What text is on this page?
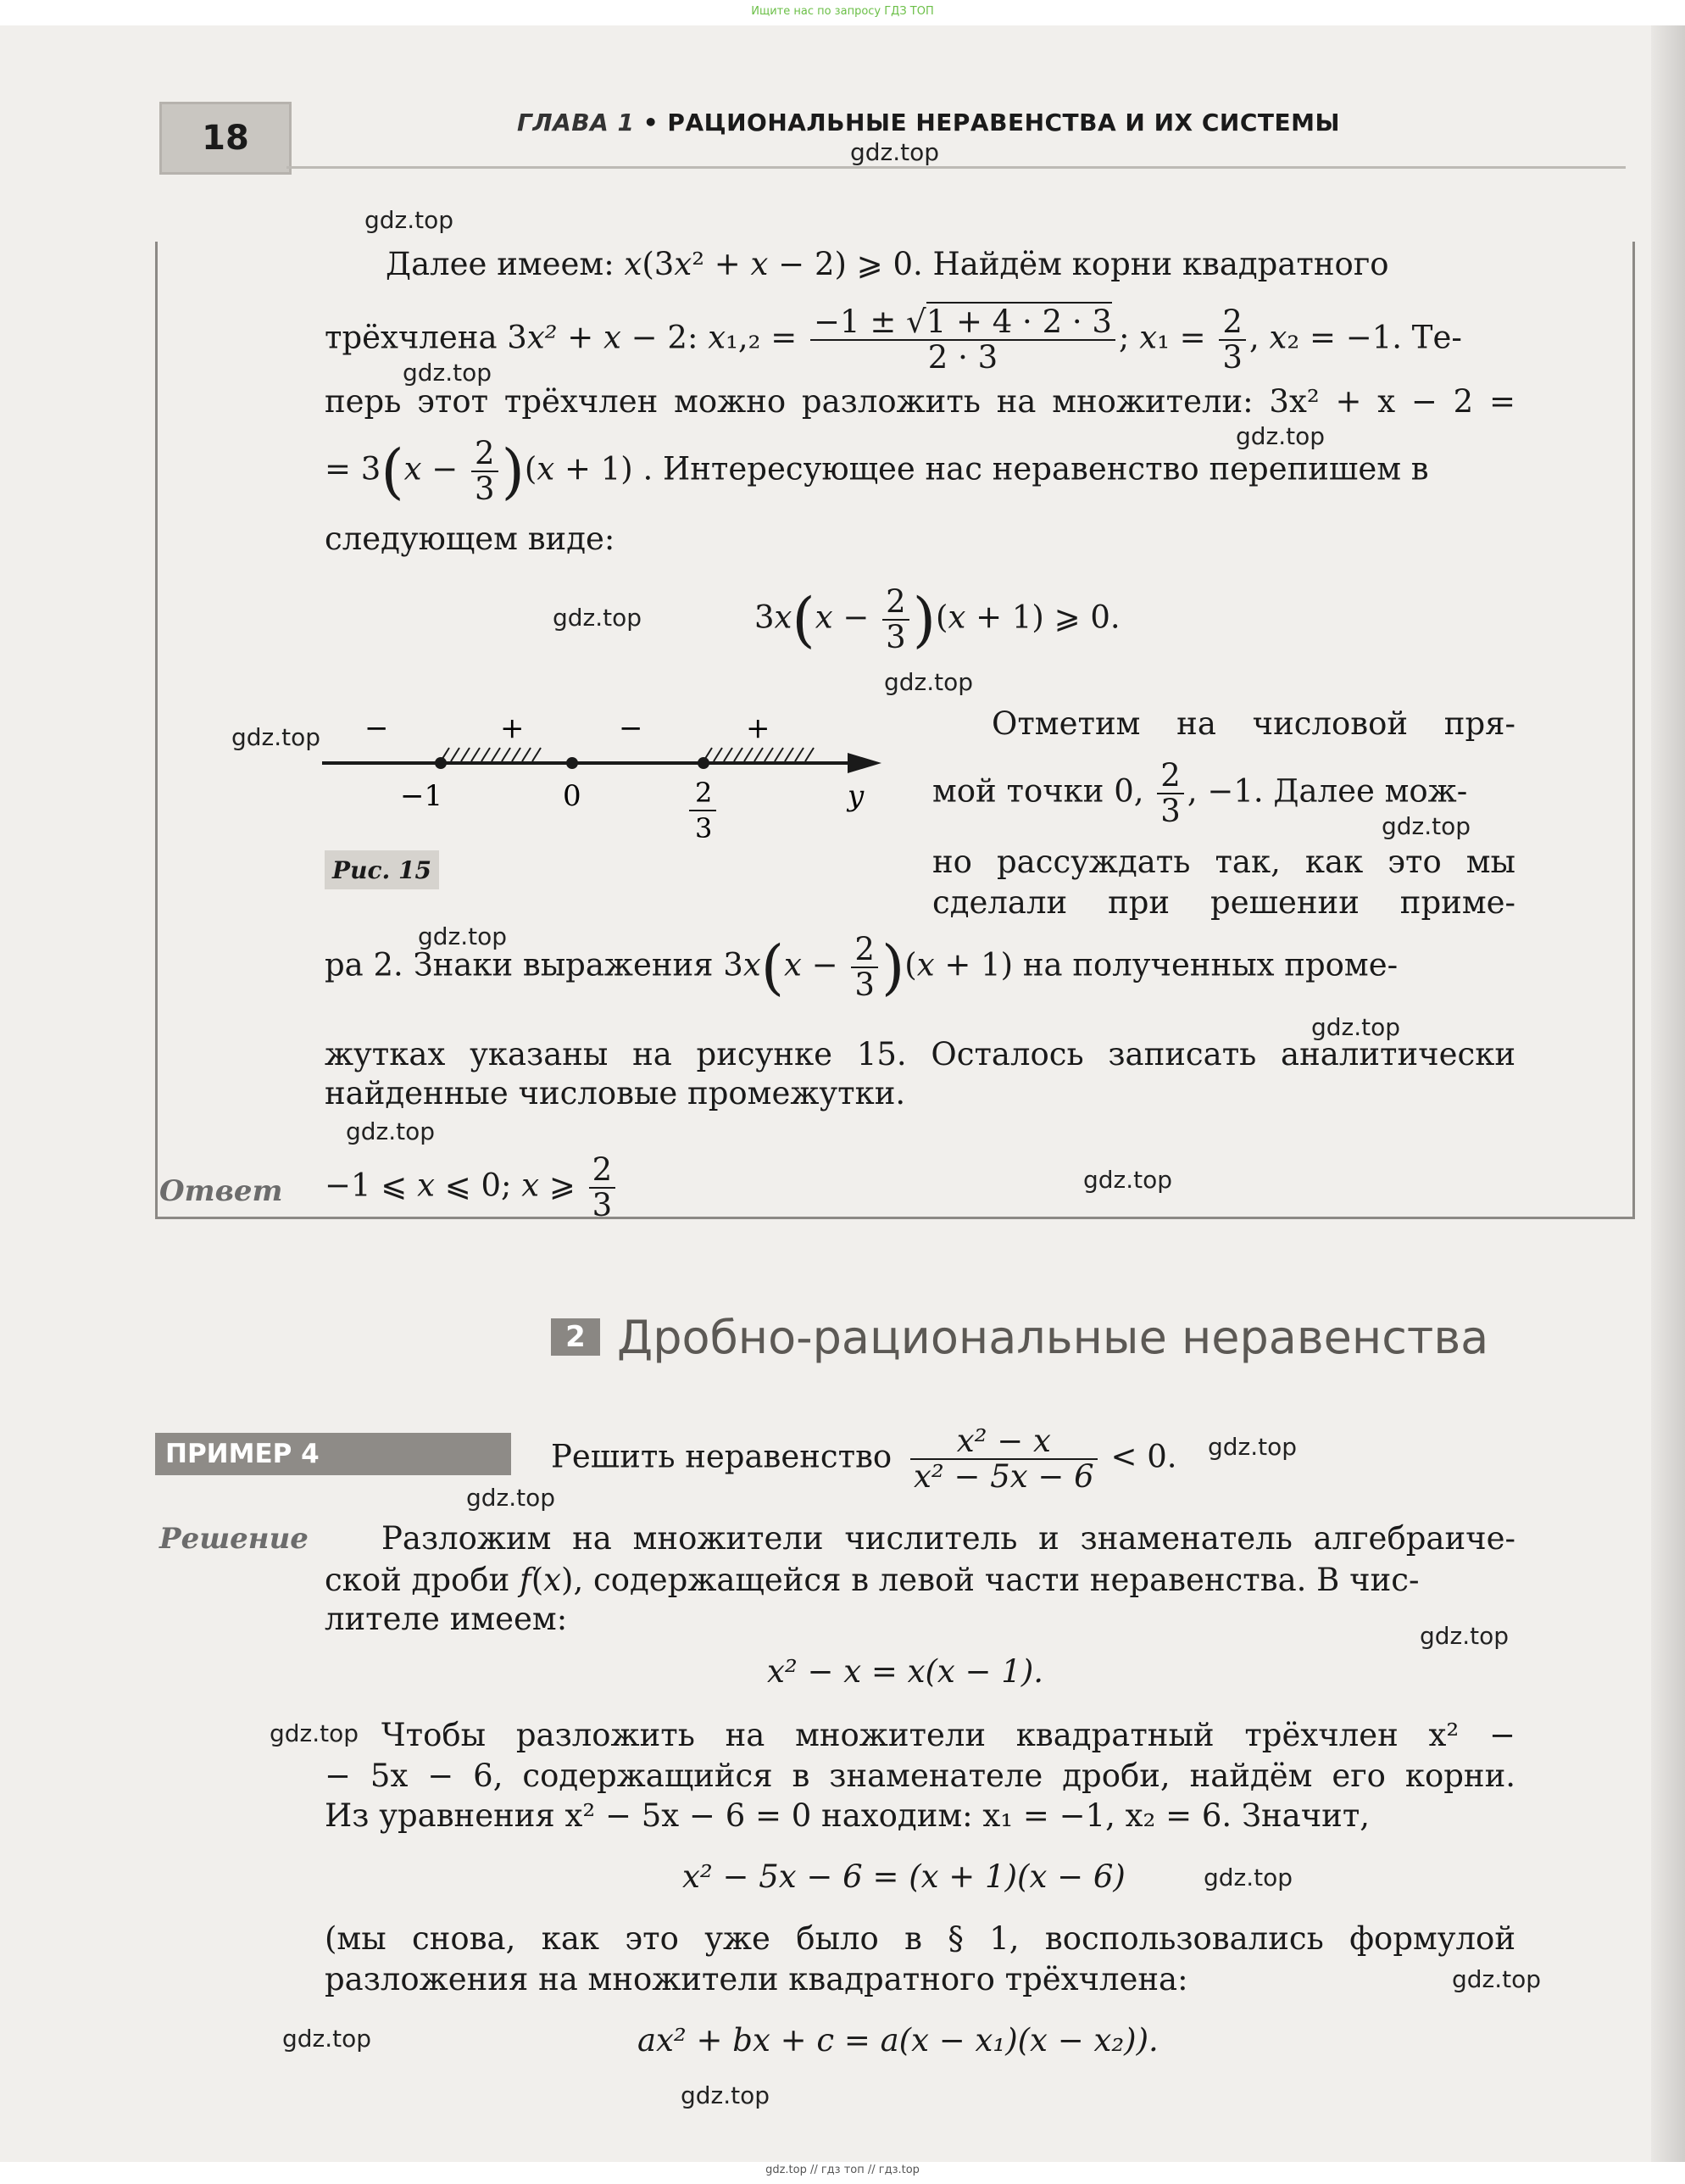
Ищите нас по запросу ГДЗ ТОП
gdz.top // гдз топ // гдз.top
18	ГЛАВА 1 • РАЦИОНАЛЬНЫЕ НЕРАВЕНСТВА И ИХ СИСТЕМЫ
Далее имеем: x(3x² + x − 2) ⩾ 0. Найдём корни квадратного
трёхчлена 3x² + x − 2: $x_1,_2 = \frac{-1 \pm √1 + 4 \cdot 2 \cdot 3}{2 \cdot 3}$ ; $x_1 = \frac{2}{3}$ , x₂ = −1. Те-
перь этот трёхчлен можно разложить на множители: 3x² + x − 2 =
= $3(x - \frac{2}{3} )(x + 1)$ . Интересующее нас неравенство перепишем в
следующем виде:
$3x(x - \frac{2}{3} )(x + 1)$ ⩾ 0.
−	+	−	+
−1	0	2
3
y
Рис. 15
Отметим на числовой пря-
мой точки 0, $\frac{2}{3}$ , −1. Далее мож-
но рассуждать так, как это мы
сделали при решении приме-
ра 2. Знаки выражения $3x(x - \frac{2}{3} )(x + 1)$ на полученных проме-
жутках указаны на рисунке 15. Осталось записать аналитически
найденные числовые промежутки.
Ответ −1 ⩽ x ⩽ 0; x ⩾ $\frac{2}{3}$
2 Дробно-рациональные неравенства
ПРИМЕР 4	Решить неравенство $\frac{\text{x² − x}}{\text{x² − 5x − 6}} < 0$.
Решение Разложим на множители числитель и знаменатель алгебраиче-
ской дроби f(x), содержащейся в левой части неравенства. В чис-
лителе имеем:
x² − x = x(x − 1).
Чтобы разложить на множители квадратный трёхчлен x² −
− 5x − 6, содержащийся в знаменателе дроби, найдём его корни.
Из уравнения x² − 5x − 6 = 0 находим: x₁ = −1, x₂ = 6. Значит,
x² − 5x − 6 = (x + 1)(x − 6)
(мы снова, как это уже было в § 1, воспользовались формулой
разложения на множители квадратного трёхчлена:
ax² + bx + c = a(x − x₁)(x − x₂)).
gdz.top
gdz.top
gdz.top
gdz.top
gdz.top
gdz.top
gdz.top
gdz.top
gdz.top
gdz.top
gdz.top
gdz.top
gdz.top
gdz.top
gdz.top
gdz.top
gdz.top
gdz.top
gdz.top
gdz.top
